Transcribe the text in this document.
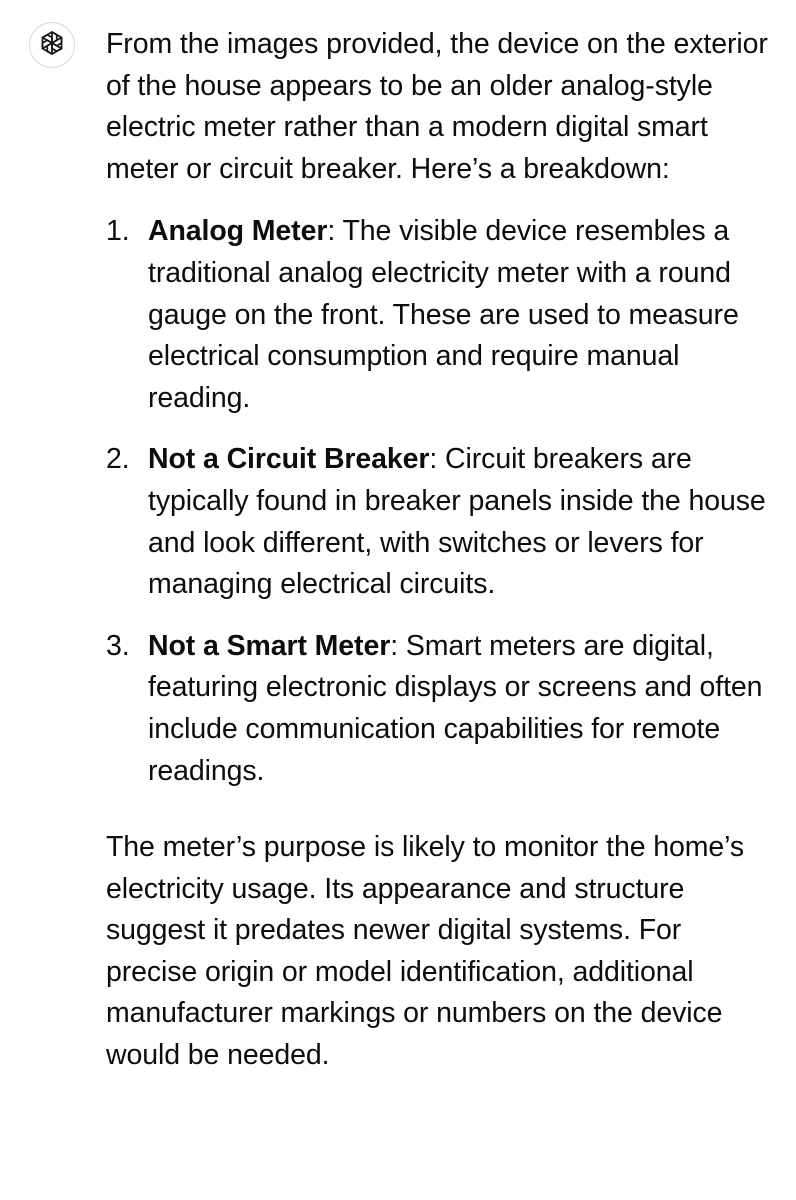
From the images provided, the device on the exterior of the house appears to be an older analog-style electric meter rather than a modern digital smart meter or circuit breaker. Here’s a breakdown:

1. Analog Meter: The visible device resembles a traditional analog electricity meter with a round gauge on the front. These are used to measure electrical consumption and require manual reading.
2. Not a Circuit Breaker: Circuit breakers are typically found in breaker panels inside the house and look different, with switches or levers for managing electrical circuits.
3. Not a Smart Meter: Smart meters are digital, featuring electronic displays or screens and often include communication capabilities for remote readings.

The meter’s purpose is likely to monitor the home’s electricity usage. Its appearance and structure suggest it predates newer digital systems. For precise origin or model identification, additional manufacturer markings or numbers on the device would be needed.
